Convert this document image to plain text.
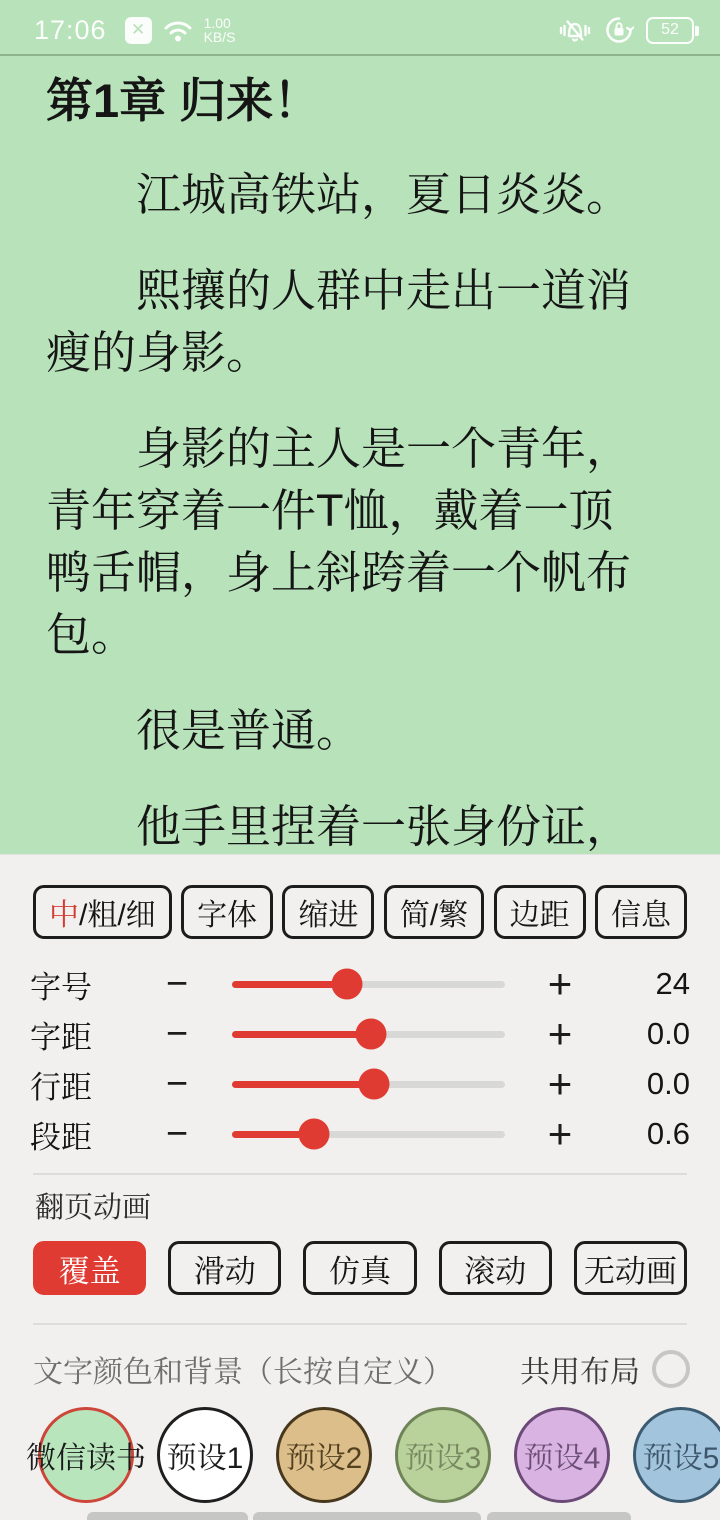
17:06 ✕	1.00
KB/S	52
第1章 归来！
江城高铁站，夏日炎炎。
熙攘的人群中走出一道消
瘦的身影。
身影的主人是一个青年，
青年穿着一件T恤，戴着一顶
鸭舌帽，身上斜跨着一个帆布
包。
很是普通。
他手里捏着一张身份证，
中 /粗/细 字体 缩进 简/繁 边距 信息
字号	−	+	24
字距	−	+	0.0
行距	−	+	0.0
段距	−	+	0.6
翻页动画
覆盖 滑动 仿真 滚动 无动画
文字颜色和背景（长按自定义） 共用布局
微信读书 预设1 预设2 预设3 预设4 预设5
